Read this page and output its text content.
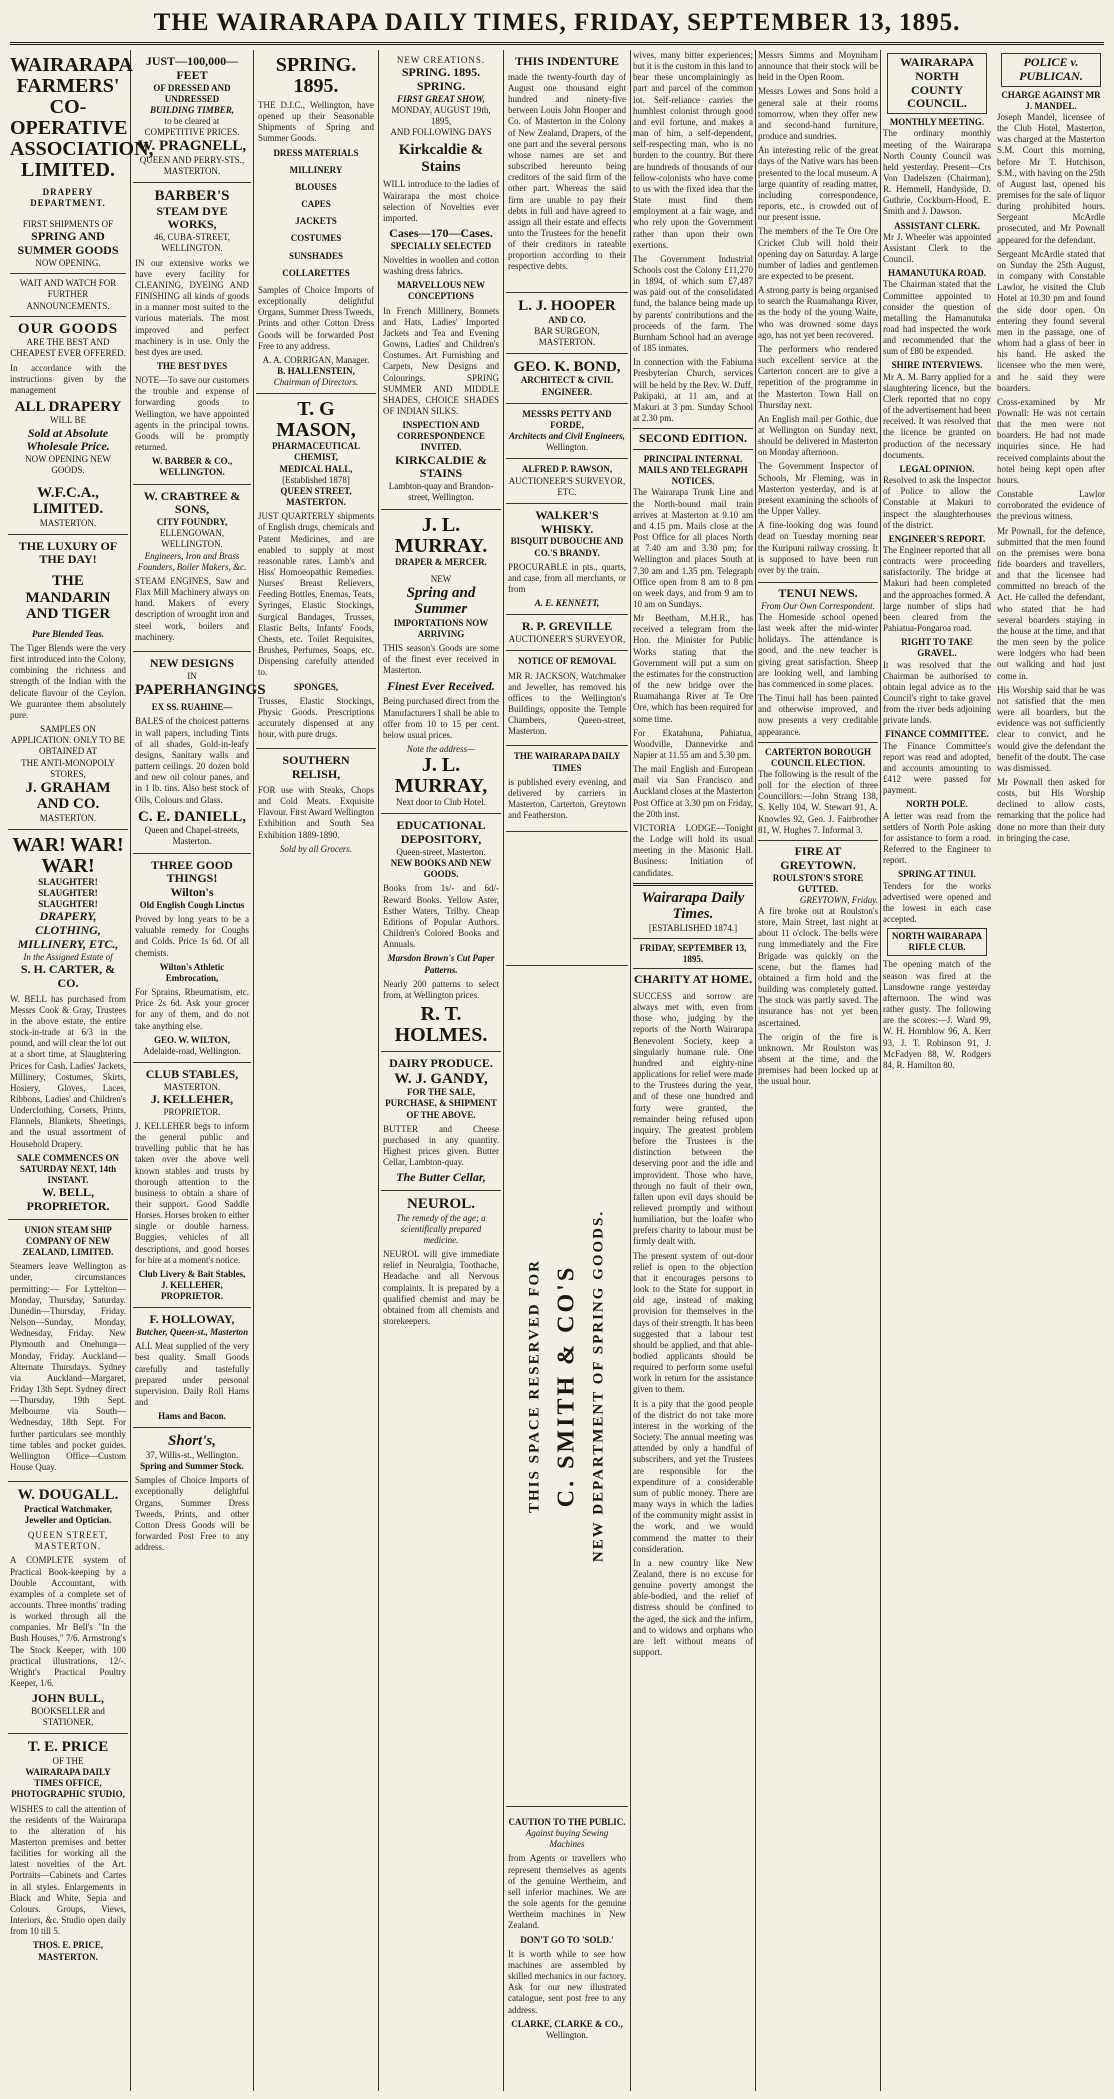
THE WAIRARAPA DAILY TIMES, FRIDAY, SEPTEMBER 13, 1895.
WAIRARAPA FARMERS' CO-OPERATIVE ASSOCIATION, LIMITED.
DRAPERY DEPARTMENT.
FIRST SHIPMENTS OF
SPRING AND SUMMER GOODS
NOW OPENING.
WAIT AND WATCH FOR FURTHER ANNOUNCEMENTS.
OUR GOODS
ARE THE BEST AND CHEAPEST EVER OFFERED.
In accordance with the instructions given by the management
ALL DRAPERY
WILL BE
Sold at Absolute Wholesale Price.
NOW OPENING NEW GOODS.
W.F.C.A., LIMITED.
MASTERTON.
THE LUXURY OF THE DAY!
THE MANDARIN AND TIGER
Pure Blended Teas.
The Tiger Blends were the very first introduced into the Colony, combining the richness and strength of the Indian with the delicate flavour of the Ceylon. We guarantee them absolutely pure.
SAMPLES ON APPLICATION. ONLY TO BE OBTAINED AT
THE ANTI-MONOPOLY STORES,
J. GRAHAM AND CO.
MASTERTON.
WAR! WAR! WAR!
SLAUGHTER! SLAUGHTER! SLAUGHTER!
DRAPERY, CLOTHING, MILLINERY, ETC.,
In the Assigned Estate of
S. H. CARTER, & CO.
W. BELL has purchased from Messrs Cook & Gray, Trustees in the above estate, the entire stock-in-trade at 6/3 in the pound, and will clear the lot out at a short time, at Slaughtering Prices for Cash. Ladies' Jackets, Millinery, Costumes, Skirts, Hosiery, Gloves, Laces, Ribbons, Ladies' and Children's Underclothing, Corsets, Prints, Flannels, Blankets, Sheetings, and the usual assortment of Household Drapery.
SALE COMMENCES ON SATURDAY NEXT, 14th INSTANT.
W. BELL, PROPRIETOR.
UNION STEAM SHIP COMPANY OF NEW ZEALAND, LIMITED.
Steamers leave Wellington as under, circumstances permitting:— For Lyttelton—Monday, Thursday, Saturday. Dunedin—Thursday, Friday. Nelson—Sunday, Monday, Wednesday, Friday. New Plymouth and Onehunga—Monday, Friday. Auckland—Alternate Thursdays. Sydney via Auckland—Margaret, Friday 13th Sept. Sydney direct—Thursday, 19th Sept. Melbourne via South—Wednesday, 18th Sept. For further particulars see monthly time tables and pocket guides. Wellington Office—Custom House Quay.
W. DOUGALL.
Practical Watchmaker, Jeweller and Optician.
QUEEN STREET, MASTERTON.
A COMPLETE system of Practical Book-keeping by a Double Accountant, with examples of a complete set of accounts. Three months' trading is worked through all the companies. Mr Bell's "In the Bush Houses," 7/6. Armstrong's The Stock Keeper, with 100 practical illustrations, 12/-. Wright's Practical Poultry Keeper, 1/6.
JOHN BULL,
BOOKSELLER and STATIONER,
T. E. PRICE
OF THE
WAIRARAPA DAILY TIMES OFFICE,
PHOTOGRAPHIC STUDIO,
WISHES to call the attention of the residents of the Wairarapa to the alteration of his Masterton premises and better facilities for working all the latest novelties of the Art. Portraits—Cabinets and Cartes in all styles. Enlargements in Black and White, Sepia and Colours. Groups, Views, Interiors, &c. Studio open daily from 10 till 5.
THOS. E. PRICE, MASTERTON.
JUST—100,000—FEET
OF DRESSED AND UNDRESSED
BUILDING TIMBER,
to be cleared at COMPETITIVE PRICES.
W. PRAGNELL,
QUEEN AND PERRY-STS., MASTERTON.
BARBER'S
STEAM DYE WORKS,
46, CUBA-STREET, WELLINGTON.
IN our extensive works we have every facility for CLEANING, DYEING AND FINISHING all kinds of goods in a manner most suited to the various materials. The most improved and perfect machinery is in use. Only the best dyes are used.
THE BEST DYES
NOTE—To save our customers the trouble and expense of forwarding goods to Wellington, we have appointed agents in the principal towns. Goods will be promptly returned.
W. BARBER & CO., WELLINGTON.
W. CRABTREE & SONS,
CITY FOUNDRY,
ELLENGOWAN, WELLINGTON.
Engineers, Iron and Brass Founders, Boiler Makers, &c.
STEAM ENGINES, Saw and Flax Mill Machinery always on hand. Makers of every description of wrought iron and steel work, boilers and machinery.
NEW DESIGNS
IN
PAPERHANGINGS
EX SS. RUAHINE—
BALES of the choicest patterns in wall papers, including Tints of all shades, Gold-in-leafy designs, Sanitary walls and pattern ceilings. 20 dozen bold and new oil colour panes, and in 1 lb. tins. Also best stock of Oils, Colours and Glass.
C. E. DANIELL,
Queen and Chapel-streets, Masterton.
THREE GOOD THINGS!
Wilton's
Old English Cough Linctus
Proved by long years to be a valuable remedy for Coughs and Colds. Price 1s 6d. Of all chemists.
Wilton's Athletic Embrocation,
For Sprains, Rheumatism, etc. Price 2s 6d. Ask your grocer for any of them, and do not take anything else.
GEO. W. WILTON,
Adelaide-road, Wellington.
CLUB STABLES,
MASTERTON.
J. KELLEHER,
PROPRIETOR.
J. KELLEHER begs to inform the general public and travelling public that he has taken over the above well known stables and trusts by thorough attention to the business to obtain a share of their support. Good Saddle Horses. Horses broken to either single or double harness. Buggies, vehicles of all descriptions, and good horses for hire at a moment's notice.
Club Livery & Bait Stables,
J. KELLEHER, PROPRIETOR.
F. HOLLOWAY,
Butcher, Queen-st., Masterton
ALL Meat supplied of the very best quality. Small Goods carefully and tastefully prepared under personal supervision. Daily Roll Hams and
Hams and Bacon.
Short's,
37, Willis-st., Wellington.
Spring and Summer Stock.
Samples of Choice Imports of exceptionally delightful Organs, Summer Dress Tweeds, Prints, and other Cotton Dress Goods will be forwarded Post Free to any address.
SPRING. 1895.
THE D.I.C., Wellington, have opened up their Seasonable Shipments of Spring and Summer Goods.
DRESS MATERIALS
MILLINERY
BLOUSES
CAPES
JACKETS
COSTUMES
SUNSHADES
COLLARETTES
Samples of Choice Imports of exceptionally delightful Organs, Summer Dress Tweeds, Prints and other Cotton Dress Goods will be forwarded Post Free to any address.
A. A. CORRIGAN, Manager.
B. HALLENSTEIN,
Chairman of Directors.
T. G MASON,
PHARMACEUTICAL CHEMIST,
MEDICAL HALL,
[Established 1878]
QUEEN STREET, MASTERTON.
JUST QUARTERLY shipments of English drugs, chemicals and Patent Medicines, and are enabled to supply at most reasonable rates. Lamb's and Hiss' Homoeopathic Remedies. Nurses' Breast Relievers, Feeding Bottles, Enemas, Teats, Syringes, Elastic Stockings, Surgical Bandages, Trusses, Elastic Belts, Infants' Foods, Chests, etc. Toilet Requisites, Brushes, Perfumes, Soaps, etc. Dispensing carefully attended to.
SPONGES,
Trusses, Elastic Stockings, Physic Goods. Prescriptions accurately dispensed at any hour, with pure drugs.
SOUTHERN RELISH,
FOR use with Steaks, Chops and Cold Meats. Exquisite Flavour. First Award Wellington Exhibition and South Sea Exhibition 1889-1890.
Sold by all Grocers.
NEW CREATIONS.
SPRING. 1895. SPRING.
FIRST GREAT SHOW,
MONDAY, AUGUST 19th, 1895,
AND FOLLOWING DAYS
Kirkcaldie & Stains
WILL introduce to the ladies of Wairarapa the most choice selection of Novelties ever imported.
Cases—170—Cases.
SPECIALLY SELECTED
Novelties in woollen and cotton washing dress fabrics.
MARVELLOUS NEW CONCEPTIONS
In French Millinery, Bonnets and Hats, Ladies' Imported Jackets and Tea and Evening Gowns, Ladies' and Children's Costumes. Art Furnishing and Carpets, New Designs and Colourings. SPRING SUMMER AND MIDDLE SHADES, CHOICE SHADES OF INDIAN SILKS.
INSPECTION AND CORRESPONDENCE INVITED.
KIRKCALDIE & STAINS
Lambton-quay and Brandon-street, Wellington.
J. L. MURRAY.
DRAPER & MERCER.
NEW
Spring and Summer
IMPORTATIONS NOW ARRIVING
THIS season's Goods are some of the finest ever received in Masterton.
Finest Ever Received.
Being purchased direct from the Manufacturers I shall be able to offer from 10 to 15 per cent. below usual prices.
Note the address—
J. L. MURRAY,
Next door to Club Hotel.
EDUCATIONAL DEPOSITORY,
Queen-street, Masterton.
NEW BOOKS AND NEW GOODS.
Books from 1s/- and 6d/- Reward Books. Yellow Aster, Esther Waters, Trilby. Cheap Editions of Popular Authors. Children's Colored Books and Annuals.
Marsdon Brown's Cut Paper Patterns.
Nearly 200 patterns to select from, at Wellington prices.
R. T. HOLMES.
DAIRY PRODUCE.
W. J. GANDY,
FOR THE SALE, PURCHASE, & SHIPMENT OF THE ABOVE.
BUTTER and Cheese purchased in any quantity. Highest prices given. Butter Cellar, Lambton-quay.
The Butter Cellar,
NEUROL.
The remedy of the age; a scientifically prepared medicine.
NEUROL will give immediate relief in Neuralgia, Toothache, Headache and all Nervous complaints. It is prepared by a qualified chemist and may be obtained from all chemists and storekeepers.
THIS INDENTURE
made the twenty-fourth day of August one thousand eight hundred and ninety-five between Louis John Hooper and Co. of Masterton in the Colony of New Zealand, Drapers, of the one part and the several persons whose names are set and subscribed hereunto being creditors of the said firm of the other part. Whereas the said firm are unable to pay their debts in full and have agreed to assign all their estate and effects unto the Trustees for the benefit of their creditors in rateable proportion according to their respective debts.
L. J. HOOPER
AND CO.
BAR SURGEON, MASTERTON.
GEO. K. BOND,
ARCHITECT & CIVIL ENGINEER.
MESSRS PETTY AND FORDE,
Architects and Civil Engineers,
Wellington.
ALFRED P. RAWSON,
AUCTIONEER'S SURVEYOR, ETC.
WALKER'S WHISKY.
BISQUIT DUBOUCHE AND CO.'S BRANDY.
PROCURABLE in pts., quarts, and case, from all merchants, or from
A. E. KENNETT,
R. P. GREVILLE
AUCTIONEER'S SURVEYOR,
NOTICE OF REMOVAL
MR R. JACKSON, Watchmaker and Jeweller, has removed his offices to the Wellington's Buildings, opposite the Temple Chambers, Queen-street, Masterton.
THE WAIRARAPA DAILY TIMES
is published every evening, and delivered by carriers in Masterton, Carterton, Greytown and Featherston.
THIS SPACE RESERVED FOR C. SMITH & CO'S NEW DEPARTMENT OF SPRING GOODS.
CAUTION TO THE PUBLIC.
Against buying Sewing Machines
from Agents or travellers who represent themselves as agents of the genuine Wertheim, and sell inferior machines. We are the sole agents for the genuine Wertheim machines in New Zealand.
DON'T GO TO 'SOLD.'
It is worth while to see how machines are assembled by skilled mechanics in our factory. Ask for our new illustrated catalogue, sent post free to any address.
CLARKE, CLARKE & CO.,
Wellington.
wives, many bitter experiences; but it is the custom in this land to bear these uncomplainingly as part and parcel of the common lot. Self-reliance carries the humblest colonist through good and evil fortune, and makes a man of him, a self-dependent, self-respecting man, who is no burden to the country. But there are hundreds of thousands of our fellow-colonists who have come to us with the fixed idea that the State must find them employment at a fair wage, and who rely upon the Government rather than upon their own exertions.
The Government Industrial Schools cost the Colony £11,270 in 1894, of which sum £7,487 was paid out of the consolidated fund, the balance being made up by parents' contributions and the proceeds of the farm. The Burnham School had an average of 185 inmates.
In connection with the Fabiuma Presbyterian Church, services will be held by the Rev. W. Duff, Pakipaki, at 11 am, and at Makuri at 3 pm. Sunday School at 2.30 pm.
SECOND EDITION.
PRINCIPAL INTERNAL MAILS AND TELEGRAPH NOTICES.
The Wairarapa Trunk Line and the North-bound mail train arrives at Masterton at 9.10 am and 4.15 pm. Mails close at the Post Office for all places North at 7.40 am and 3.30 pm; for Wellington and places South at 7.30 am and 1.35 pm. Telegraph Office open from 8 am to 8 pm on week days, and from 9 am to 10 am on Sundays.
Mr Beetham, M.H.R., has received a telegram from the Hon. the Minister for Public Works stating that the Government will put a sum on the estimates for the construction of the new bridge over the Ruamahanga River at Te Ore Ore, which has been required for some time.
For Ekatahuna, Pahiatua, Woodville, Dannevirke and Napier at 11.55 am and 5.30 pm.
The mail English and European mail via San Francisco and Auckland closes at the Masterton Post Office at 3.30 pm on Friday, the 20th inst.
VICTORIA LODGE—Tonight the Lodge will hold its usual meeting in the Masonic Hall. Business: Initiation of candidates.
Wairarapa Daily Times.
[ESTABLISHED 1874.]
FRIDAY, SEPTEMBER 13, 1895.
CHARITY AT HOME.
SUCCESS and sorrow are always met with, even from those who, judging by the reports of the North Wairarapa Benevolent Society, keep a singularly humane rule. One hundred and eighty-nine applications for relief were made to the Trustees during the year, and of these one hundred and forty were granted, the remainder being refused upon inquiry. The greatest problem before the Trustees is the distinction between the deserving poor and the idle and improvident. Those who have, through no fault of their own, fallen upon evil days should be relieved promptly and without humiliation, but the loafer who prefers charity to labour must be firmly dealt with.
The present system of out-door relief is open to the objection that it encourages persons to look to the State for support in old age, instead of making provision for themselves in the days of their strength. It has been suggested that a labour test should be applied, and that able-bodied applicants should be required to perform some useful work in return for the assistance given to them.
It is a pity that the good people of the district do not take more interest in the working of the Society. The annual meeting was attended by only a handful of subscribers, and yet the Trustees are responsible for the expenditure of a considerable sum of public money. There are many ways in which the ladies of the community might assist in the work, and we would commend the matter to their consideration.
In a new country like New Zealand, there is no excuse for genuine poverty amongst the able-bodied, and the relief of distress should be confined to the aged, the sick and the infirm, and to widows and orphans who are left without means of support.
Messrs Simms and Moyniham announce that their stock will be held in the Open Room.
Messrs Lowes and Sons hold a general sale at their rooms tomorrow, when they offer new and second-hand furniture, produce and sundries.
An interesting relic of the great days of the Native wars has been presented to the local museum. A large quantity of reading matter, including correspondence, reports, etc., is crowded out of our present issue.
The members of the Te Ore Ore Cricket Club will hold their opening day on Saturday. A large number of ladies and gentlemen are expected to be present.
A strong party is being organised to search the Ruamahanga River, as the body of the young Waite, who was drowned some days ago, has not yet been recovered.
The performers who rendered such excellent service at the Carterton concert are to give a repetition of the programme in the Masterton Town Hall on Thursday next.
An English mail per Gothic, due at Wellington on Sunday next, should be delivered in Masterton on Monday afternoon.
The Government Inspector of Schools, Mr Fleming, was in Masterton yesterday, and is at present examining the schools of the Upper Valley.
A fine-looking dog was found dead on Tuesday morning near the Kuripuni railway crossing. It is supposed to have been run over by the train.
TENUI NEWS.
From Our Own Correspondent.
The Homeside school opened last week after the mid-winter holidays. The attendance is good, and the new teacher is giving great satisfaction. Sheep are looking well, and lambing has commenced in some places.
The Tinui hall has been painted and otherwise improved, and now presents a very creditable appearance.
CARTERTON BOROUGH COUNCIL ELECTION.
The following is the result of the poll for the election of three Councillors:—John Strang 138, S. Kelly 104, W. Stewart 91, A. Knowles 92, Geo. J. Fairbrother 81, W. Hughes 7. Informal 3.
FIRE AT GREYTOWN.
ROULSTON'S STORE GUTTED.
GREYTOWN, Friday.
A fire broke out at Roulston's store, Main Street, last night at about 11 o'clock. The bells were rung immediately and the Fire Brigade was quickly on the scene, but the flames had obtained a firm hold and the building was completely gutted. The stock was partly saved. The insurance has not yet been ascertained.
The origin of the fire is unknown. Mr Roulston was absent at the time, and the premises had been locked up at the usual hour.
WAIRARAPA NORTH COUNTY COUNCIL.
MONTHLY MEETING.
The ordinary monthly meeting of the Wairarapa North County Council was held yesterday. Present—Crs Von Dadelszen (Chairman), R. Hemmell, Handyside, D. Guthrie, Cockburn-Hood, E. Smith and J. Dawson.
ASSISTANT CLERK.
Mr J. Wheeler was appointed Assistant Clerk to the Council.
HAMANUTUKA ROAD.
The Chairman stated that the Committee appointed to consider the question of metalling the Hamanutuka road had inspected the work and recommended that the sum of £80 be expended.
SHIRE INTERVIEWS.
Mr A. M. Barry applied for a slaughtering licence, but the Clerk reported that no copy of the advertisement had been received. It was resolved that the licence be granted on production of the necessary documents.
LEGAL OPINION.
Resolved to ask the Inspector of Police to allow the Constable at Makuri to inspect the slaughterhouses of the district.
ENGINEER'S REPORT.
The Engineer reported that all contracts were proceeding satisfactorily. The bridge at Makuri had been completed and the approaches formed. A large number of slips had been cleared from the Pahiatua-Pongaroa road.
RIGHT TO TAKE GRAVEL.
It was resolved that the Chairman be authorised to obtain legal advice as to the Council's right to take gravel from the river beds adjoining private lands.
FINANCE COMMITTEE.
The Finance Committee's report was read and adopted, and accounts amounting to £412 were passed for payment.
NORTH POLE.
A letter was read from the settlers of North Pole asking for assistance to form a road. Referred to the Engineer to report.
SPRING AT TINUI.
Tenders for the works advertised were opened and the lowest in each case accepted.
NORTH WAIRARAPA RIFLE CLUB.
The opening match of the season was fired at the Lansdowne range yesterday afternoon. The wind was rather gusty. The following are the scores:—J. Ward 99, W. H. Hornblow 96, A. Kerr 93, J. T. Robinson 91, J. McFadyen 88, W. Rodgers 84, R. Hamilton 80.
POLICE v. PUBLICAN.
CHARGE AGAINST MR J. MANDEL.
Joseph Mandel, licensee of the Club Hotel, Masterton, was charged at the Masterton S.M. Court this morning, before Mr T. Hutchison, S.M., with having on the 25th of August last, opened his premises for the sale of liquor during prohibited hours. Sergeant McArdle prosecuted, and Mr Pownall appeared for the defendant.
Sergeant McArdle stated that on Sunday the 25th August, in company with Constable Lawlor, he visited the Club Hotel at 10.30 pm and found the side door open. On entering they found several men in the passage, one of whom had a glass of beer in his hand. He asked the licensee who the men were, and he said they were boarders.
Cross-examined by Mr Pownall: He was not certain that the men were not boarders. He had not made inquiries since. He had received complaints about the hotel being kept open after hours.
Constable Lawlor corroborated the evidence of the previous witness.
Mr Pownall, for the defence, submitted that the men found on the premises were bona fide boarders and travellers, and that the licensee had committed no breach of the Act. He called the defendant, who stated that he had several boarders staying in the house at the time, and that the men seen by the police were lodgers who had been out walking and had just come in.
His Worship said that he was not satisfied that the men were all boarders, but the evidence was not sufficiently clear to convict, and he would give the defendant the benefit of the doubt. The case was dismissed.
Mr Pownall then asked for costs, but His Worship declined to allow costs, remarking that the police had done no more than their duty in bringing the case.
